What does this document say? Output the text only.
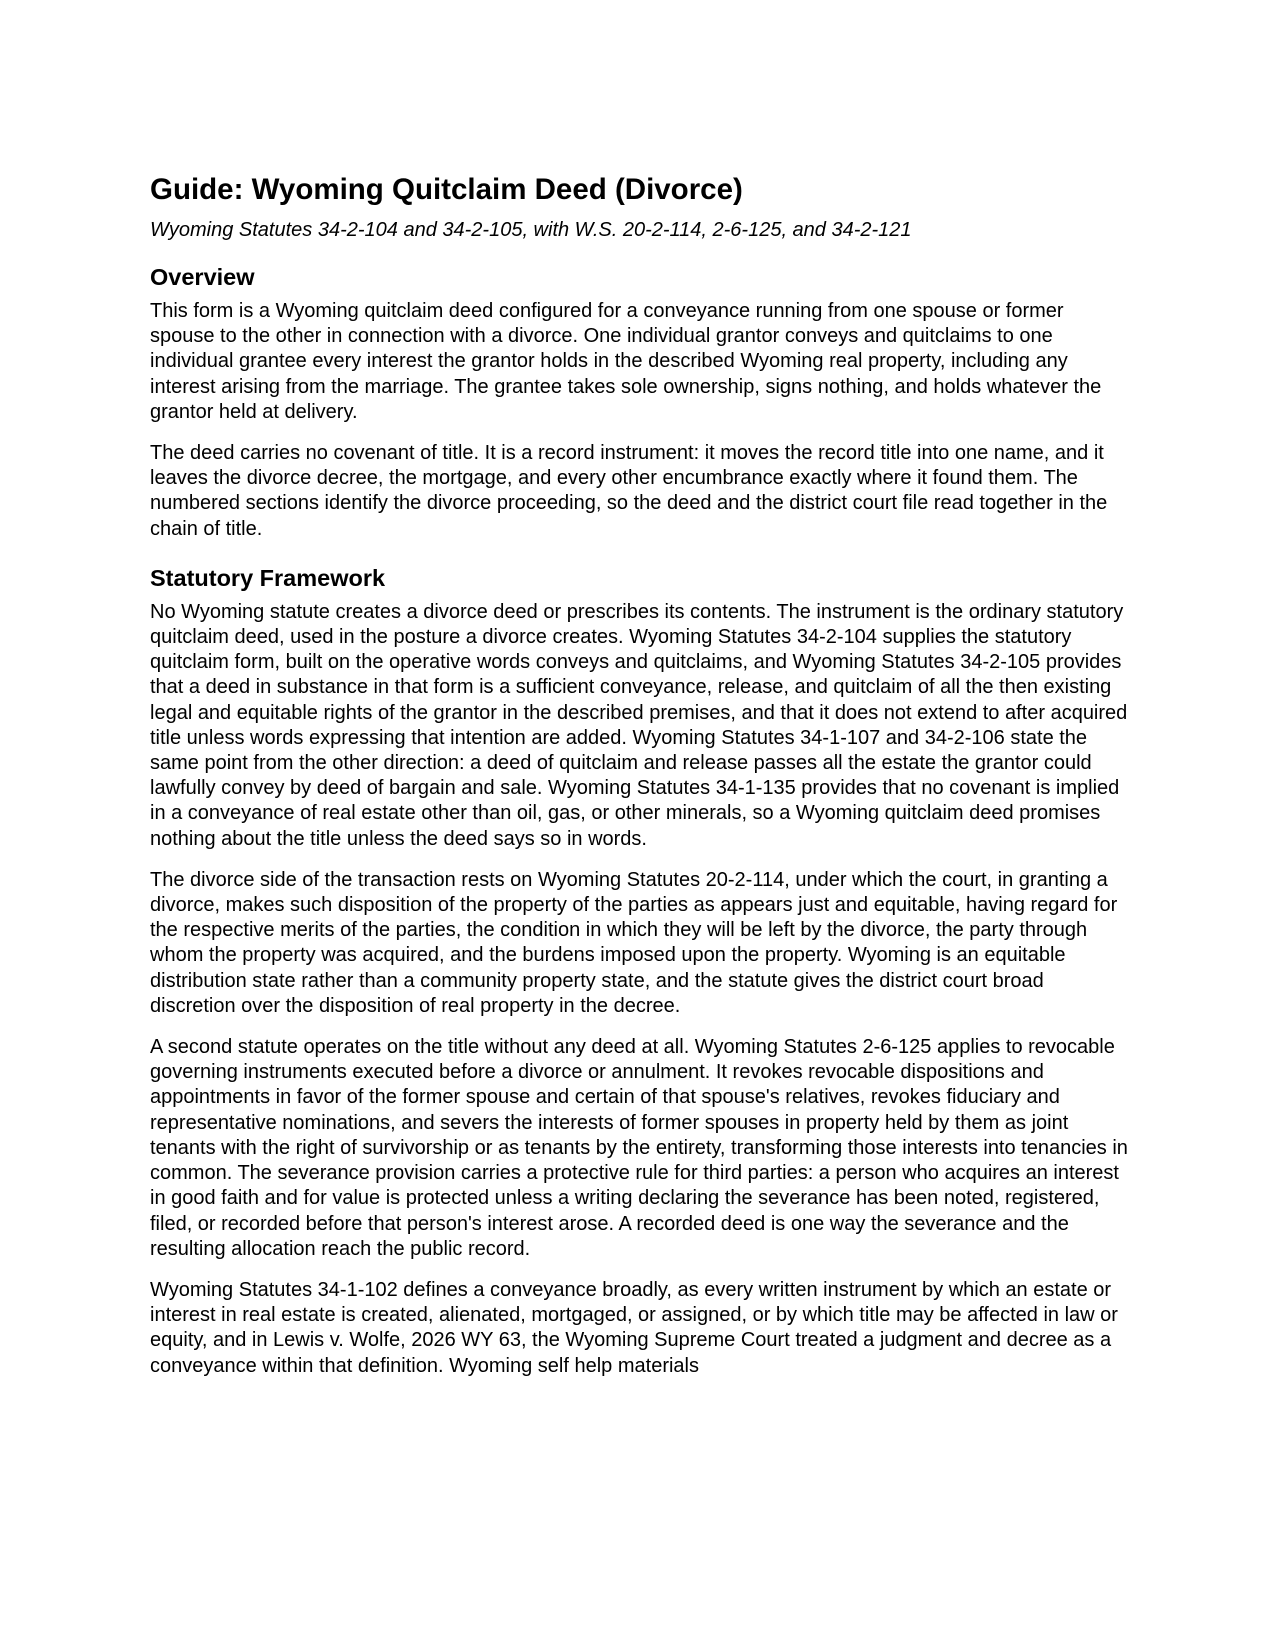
Guide: Wyoming Quitclaim Deed (Divorce)
Wyoming Statutes 34-2-104 and 34-2-105, with W.S. 20-2-114, 2-6-125, and 34-2-121
Overview

This form is a Wyoming quitclaim deed configured for a conveyance running from one spouse or former spouse to the other in connection with a divorce. One individual grantor conveys and quitclaims to one individual grantee every interest the grantor holds in the described Wyoming real property, including any interest arising from the marriage. The grantee takes sole ownership, signs nothing, and holds whatever the grantor held at delivery.

The deed carries no covenant of title. It is a record instrument: it moves the record title into one name, and it leaves the divorce decree, the mortgage, and every other encumbrance exactly where it found them. The numbered sections identify the divorce proceeding, so the deed and the district court file read together in the chain of title.

Statutory Framework

No Wyoming statute creates a divorce deed or prescribes its contents. The instrument is the ordinary statutory quitclaim deed, used in the posture a divorce creates. Wyoming Statutes 34-2-104 supplies the statutory quitclaim form, built on the operative words conveys and quitclaims, and Wyoming Statutes 34-2-105 provides that a deed in substance in that form is a sufficient conveyance, release, and quitclaim of all the then existing legal and equitable rights of the grantor in the described premises, and that it does not extend to after acquired title unless words expressing that intention are added. Wyoming Statutes 34-1-107 and 34-2-106 state the same point from the other direction: a deed of quitclaim and release passes all the estate the grantor could lawfully convey by deed of bargain and sale. Wyoming Statutes 34-1-135 provides that no covenant is implied in a conveyance of real estate other than oil, gas, or other minerals, so a Wyoming quitclaim deed promises nothing about the title unless the deed says so in words.

The divorce side of the transaction rests on Wyoming Statutes 20-2-114, under which the court, in granting a divorce, makes such disposition of the property of the parties as appears just and equitable, having regard for the respective merits of the parties, the condition in which they will be left by the divorce, the party through whom the property was acquired, and the burdens imposed upon the property. Wyoming is an equitable distribution state rather than a community property state, and the statute gives the district court broad discretion over the disposition of real property in the decree.

A second statute operates on the title without any deed at all. Wyoming Statutes 2-6-125 applies to revocable governing instruments executed before a divorce or annulment. It revokes revocable dispositions and appointments in favor of the former spouse and certain of that spouse's relatives, revokes fiduciary and representative nominations, and severs the interests of former spouses in property held by them as joint tenants with the right of survivorship or as tenants by the entirety, transforming those interests into tenancies in common. The severance provision carries a protective rule for third parties: a person who acquires an interest in good faith and for value is protected unless a writing declaring the severance has been noted, registered, filed, or recorded before that person's interest arose. A recorded deed is one way the severance and the resulting allocation reach the public record.

Wyoming Statutes 34-1-102 defines a conveyance broadly, as every written instrument by which an estate or interest in real estate is created, alienated, mortgaged, or assigned, or by which title may be affected in law or equity, and in Lewis v. Wolfe, 2026 WY 63, the Wyoming Supreme Court treated a judgment and decree as a conveyance within that definition. Wyoming self help materials
